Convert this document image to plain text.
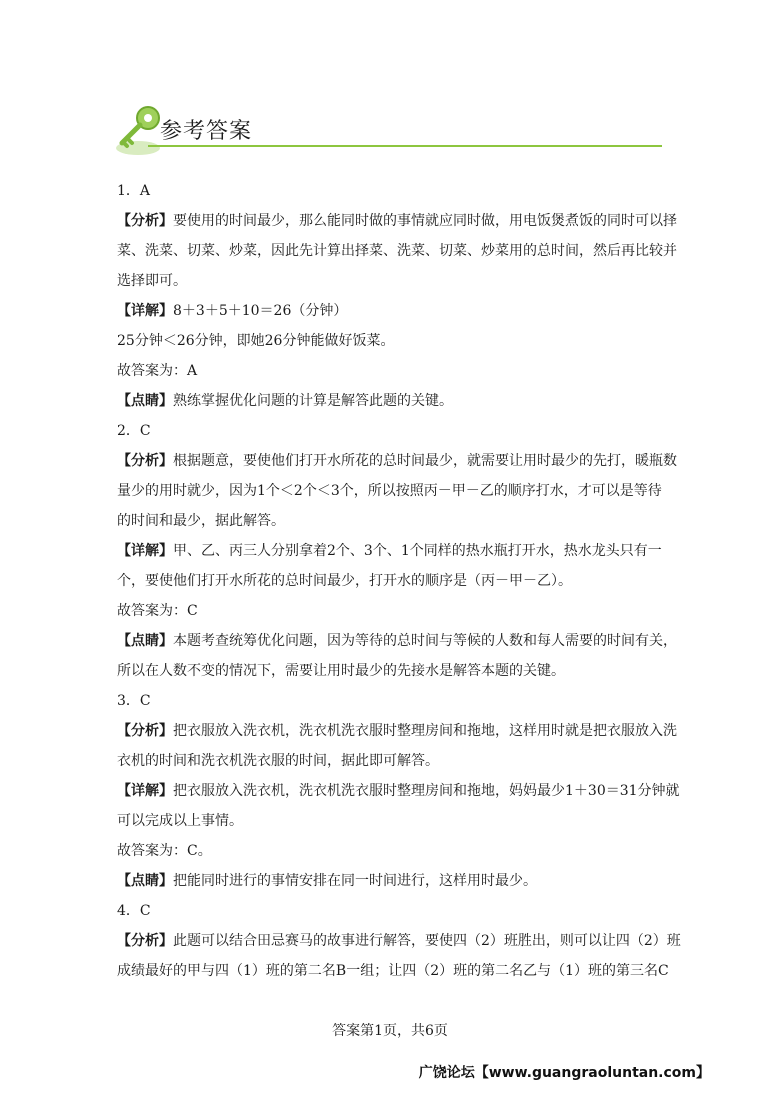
参考答案
1．A
【分析】要使用的时间最少，那么能同时做的事情就应同时做，用电饭煲煮饭的同时可以择
菜、洗菜、切菜、炒菜，因此先计算出择菜、洗菜、切菜、炒菜用的总时间，然后再比较并
选择即可。
【详解】8＋3＋5＋10＝26（分钟）
25分钟＜26分钟，即她26分钟能做好饭菜。
故答案为：A
【点睛】熟练掌握优化问题的计算是解答此题的关键。
2．C
【分析】根据题意，要使他们打开水所花的总时间最少，就需要让用时最少的先打，暖瓶数
量少的用时就少，因为1个＜2个＜3个，所以按照丙－甲－乙的顺序打水，才可以是等待
的时间和最少，据此解答。
【详解】甲、乙、丙三人分别拿着2个、3个、1个同样的热水瓶打开水，热水龙头只有一
个，要使他们打开水所花的总时间最少，打开水的顺序是（丙－甲－乙）。
故答案为：C
【点睛】本题考查统筹优化问题，因为等待的总时间与等候的人数和每人需要的时间有关，
所以在人数不变的情况下，需要让用时最少的先接水是解答本题的关键。
3．C
【分析】把衣服放入洗衣机，洗衣机洗衣服时整理房间和拖地，这样用时就是把衣服放入洗
衣机的时间和洗衣机洗衣服的时间，据此即可解答。
【详解】把衣服放入洗衣机，洗衣机洗衣服时整理房间和拖地，妈妈最少1＋30＝31分钟就
可以完成以上事情。
故答案为：C。
【点睛】把能同时进行的事情安排在同一时间进行，这样用时最少。
4．C
【分析】此题可以结合田忌赛马的故事进行解答，要使四（2）班胜出，则可以让四（2）班
成绩最好的甲与四（1）班的第二名B一组；让四（2）班的第二名乙与（1）班的第三名C
答案第1页，共6页
广饶论坛【www.guangraoluntan.com】
